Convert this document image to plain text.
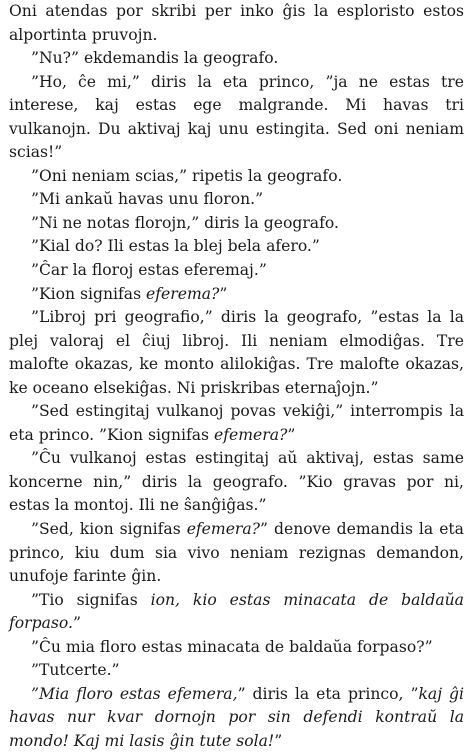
Oni atendas por skribi per inko ĝis la esploristo estos alportinta pruvojn.

”Nu?” ekdemandis la geografo.

”Ho, ĉe mi,” diris la eta princo, ”ja ne estas tre interese, kaj estas ege malgrande. Mi havas tri vulkanojn. Du aktivaj kaj unu estingita. Sed oni neniam scias!”

”Oni neniam scias,” ripetis la geografo.

”Mi ankaŭ havas unu floron.”

”Ni ne notas florojn,” diris la geografo.

”Kial do? Ili estas la blej bela afero.”

”Ĉar la floroj estas eferemaj.”

”Kion signifas eferema?”

”Libroj pri geografio,” diris la geografo, ”estas la la plej valoraj el ĉiuj libroj. Ili neniam elmodiĝas. Tre malofte okazas, ke monto alilokiĝas. Tre malofte okazas, ke oceano elsekiĝas. Ni priskribas eternaĵojn.”

”Sed estingitaj vulkanoj povas vekiĝi,” interrompis la eta princo. ”Kion signifas efemera?”

”Ĉu vulkanoj estas estingitaj aŭ aktivaj, estas same koncerne nin,” diris la geografo. ”Kio gravas por ni, estas la montoj. Ili ne ŝanĝiĝas.”

”Sed, kion signifas efemera?” denove demandis la eta princo, kiu dum sia vivo neniam rezignas demandon, unufoje farinte ĝin.

”Tio signifas ion, kio estas minacata de baldaŭa forpaso.”

”Ĉu mia floro estas minacata de baldaŭa forpaso?”

”Tutcerte.”

”Mia floro estas efemera,” diris la eta princo, ”kaj ĝi havas nur kvar dornojn por sin defendi kontraŭ la mondo! Kaj mi lasis ĝin tute sola!”
